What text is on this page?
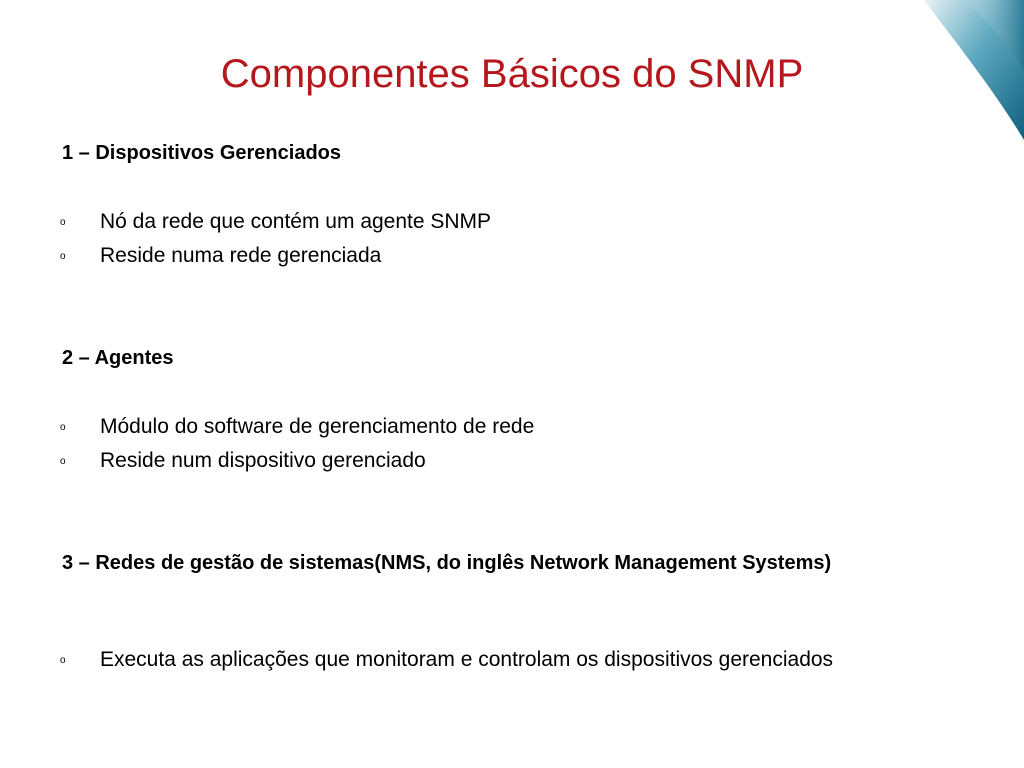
Componentes Básicos do SNMP
1 – Dispositivos Gerenciados
o Nó da rede que contém um agente SNMP
o Reside numa rede gerenciada
2 – Agentes
o Módulo do software de gerenciamento de rede
o Reside num dispositivo gerenciado
3 – Redes de gestão de sistemas(NMS, do inglês Network Management Systems)
o Executa as aplicações que monitoram e controlam os dispositivos gerenciados
